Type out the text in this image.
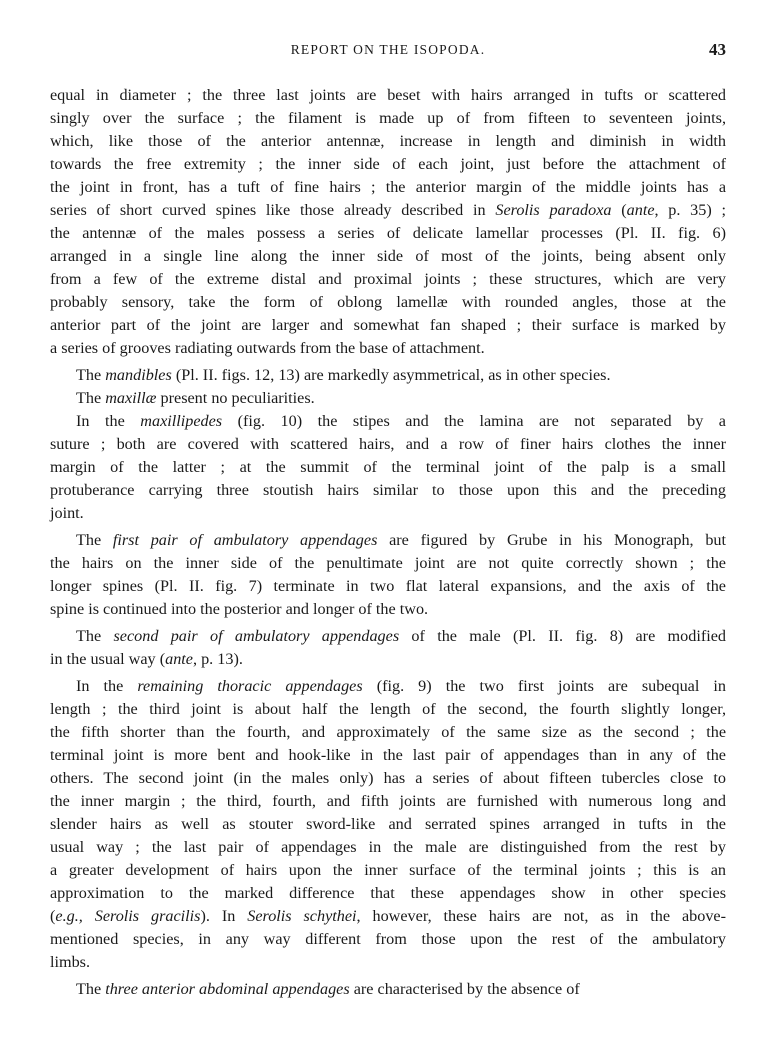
REPORT ON THE ISOPODA.	43
equal in diameter ; the three last joints are beset with hairs arranged in tufts or scattered
singly over the surface ; the filament is made up of from fifteen to seventeen joints,
which, like those of the anterior antennæ, increase in length and diminish in width
towards the free extremity ; the inner side of each joint, just before the attachment of
the joint in front, has a tuft of fine hairs ; the anterior margin of the middle joints has a
series of short curved spines like those already described in Serolis paradoxa (ante, p. 35) ;
the antennæ of the males possess a series of delicate lamellar processes (Pl. II. fig. 6)
arranged in a single line along the inner side of most of the joints, being absent only
from a few of the extreme distal and proximal joints ; these structures, which are very
probably sensory, take the form of oblong lamellæ with rounded angles, those at the
anterior part of the joint are larger and somewhat fan shaped ; their surface is marked by
a series of grooves radiating outwards from the base of attachment.
The mandibles (Pl. II. figs. 12, 13) are markedly asymmetrical, as in other species.
The maxillæ present no peculiarities.
In the maxillipedes (fig. 10) the stipes and the lamina are not separated by a
suture ; both are covered with scattered hairs, and a row of finer hairs clothes the inner
margin of the latter ; at the summit of the terminal joint of the palp is a small
protuberance carrying three stoutish hairs similar to those upon this and the preceding
joint.
The first pair of ambulatory appendages are figured by Grube in his Monograph, but
the hairs on the inner side of the penultimate joint are not quite correctly shown ; the
longer spines (Pl. II. fig. 7) terminate in two flat lateral expansions, and the axis of the
spine is continued into the posterior and longer of the two.
The second pair of ambulatory appendages of the male (Pl. II. fig. 8) are modified
in the usual way (ante, p. 13).
In the remaining thoracic appendages (fig. 9) the two first joints are subequal in
length ; the third joint is about half the length of the second, the fourth slightly longer,
the fifth shorter than the fourth, and approximately of the same size as the second ; the
terminal joint is more bent and hook-like in the last pair of appendages than in any of the
others. The second joint (in the males only) has a series of about fifteen tubercles close to
the inner margin ; the third, fourth, and fifth joints are furnished with numerous long and
slender hairs as well as stouter sword-like and serrated spines arranged in tufts in the
usual way ; the last pair of appendages in the male are distinguished from the rest by
a greater development of hairs upon the inner surface of the terminal joints ; this is an
approximation to the marked difference that these appendages show in other species
(e.g., Serolis gracilis). In Serolis schythei, however, these hairs are not, as in the above-
mentioned species, in any way different from those upon the rest of the ambulatory
limbs.
The three anterior abdominal appendages are characterised by the absence of
